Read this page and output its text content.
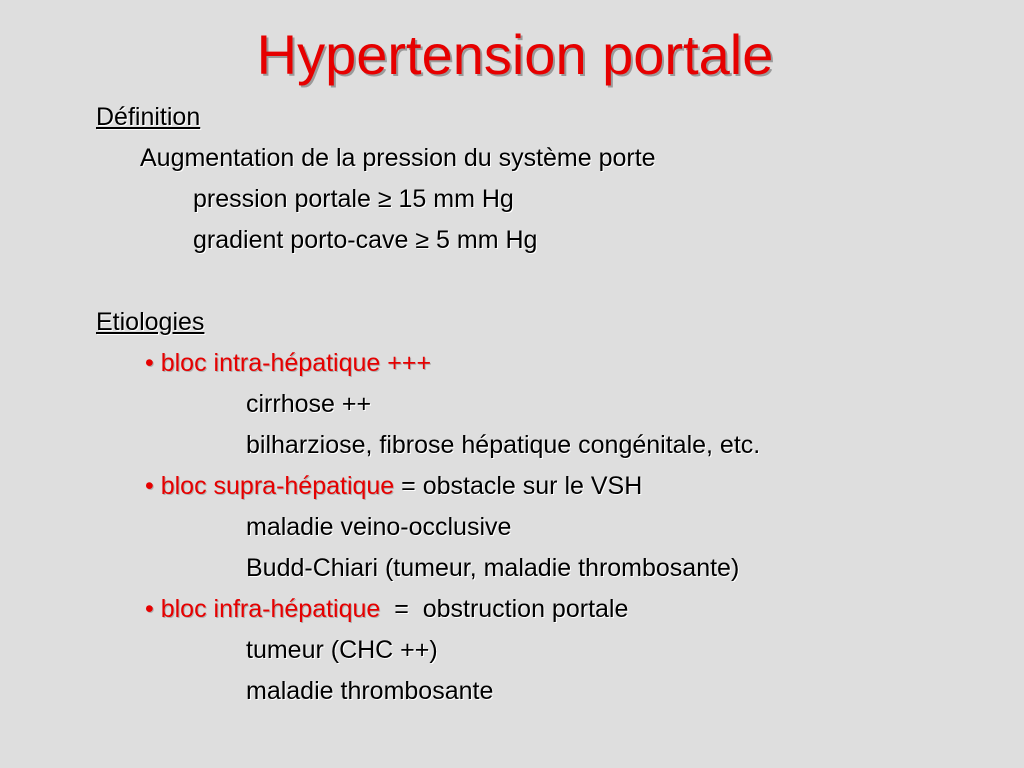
Hypertension portale
Définition
Augmentation de la pression du système porte
pression portale ≥ 15 mm Hg
gradient porto-cave ≥ 5 mm Hg
Etiologies
• bloc intra-hépatique +++
cirrhose ++
bilharziose, fibrose hépatique congénitale, etc.
• bloc supra-hépatique = obstacle sur le VSH
maladie veino-occlusive
Budd-Chiari (tumeur, maladie thrombosante)
• bloc infra-hépatique  =  obstruction portale
tumeur (CHC ++)
maladie thrombosante
